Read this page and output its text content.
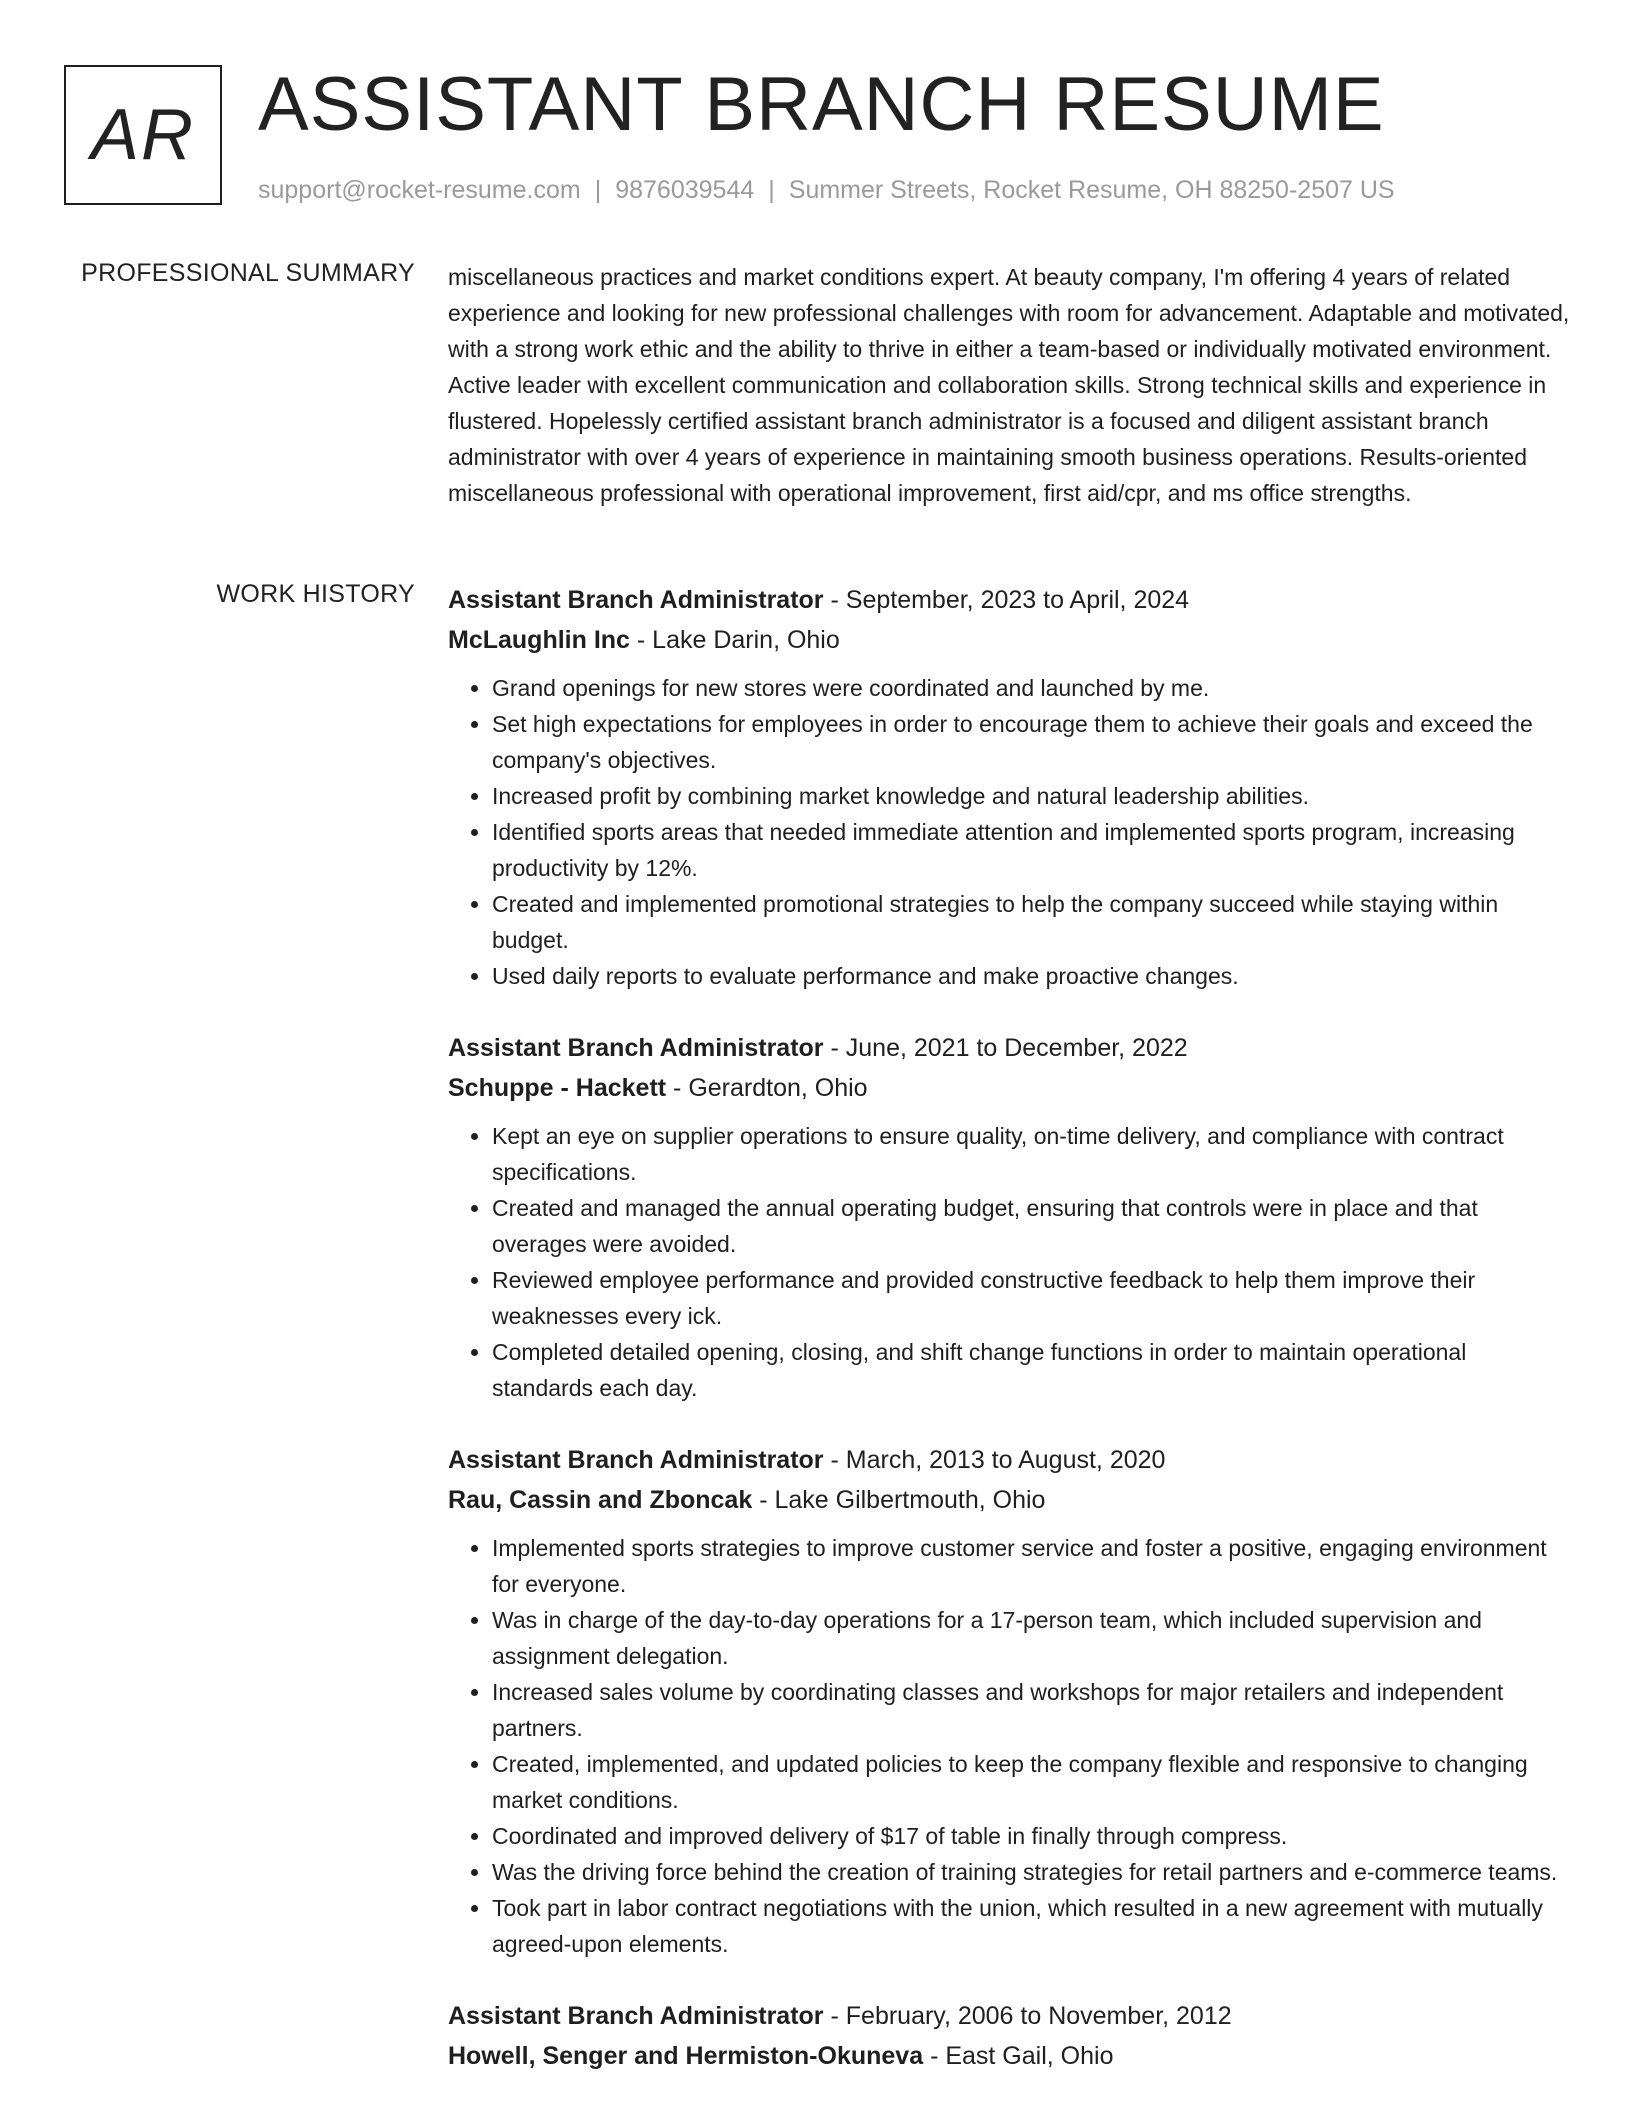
AR ASSISTANT BRANCH RESUME
support@rocket-resume.com | 9876039544 | Summer Streets, Rocket Resume, OH 88250-2507 US
PROFESSIONAL SUMMARY miscellaneous practices and market conditions expert. At beauty company, I'm offering 4 years of related experience and looking for new professional challenges with room for advancement. Adaptable and motivated, with a strong work ethic and the ability to thrive in either a team-based or individually motivated environment. Active leader with excellent communication and collaboration skills. Strong technical skills and experience in flustered. Hopelessly certified assistant branch administrator is a focused and diligent assistant branch administrator with over 4 years of experience in maintaining smooth business operations. Results-oriented miscellaneous professional with operational improvement, first aid/cpr, and ms office strengths.

WORK HISTORY Assistant Branch Administrator - September, 2023 to April, 2024
McLaughlin Inc - Lake Darin, Ohio
• Grand openings for new stores were coordinated and launched by me.
• Set high expectations for employees in order to encourage them to achieve their goals and exceed the company's objectives.
• Increased profit by combining market knowledge and natural leadership abilities.
• Identified sports areas that needed immediate attention and implemented sports program, increasing productivity by 12%.
• Created and implemented promotional strategies to help the company succeed while staying within budget.
• Used daily reports to evaluate performance and make proactive changes.
Assistant Branch Administrator - June, 2021 to December, 2022
Schuppe - Hackett - Gerardton, Ohio
• Kept an eye on supplier operations to ensure quality, on-time delivery, and compliance with contract specifications.
• Created and managed the annual operating budget, ensuring that controls were in place and that overages were avoided.
• Reviewed employee performance and provided constructive feedback to help them improve their weaknesses every ick.
• Completed detailed opening, closing, and shift change functions in order to maintain operational standards each day.
Assistant Branch Administrator - March, 2013 to August, 2020
Rau, Cassin and Zboncak - Lake Gilbertmouth, Ohio
• Implemented sports strategies to improve customer service and foster a positive, engaging environment for everyone.
• Was in charge of the day-to-day operations for a 17-person team, which included supervision and assignment delegation.
• Increased sales volume by coordinating classes and workshops for major retailers and independent partners.
• Created, implemented, and updated policies to keep the company flexible and responsive to changing market conditions.
• Coordinated and improved delivery of $17 of table in finally through compress.
• Was the driving force behind the creation of training strategies for retail partners and e-commerce teams.
• Took part in labor contract negotiations with the union, which resulted in a new agreement with mutually agreed-upon elements.
Assistant Branch Administrator - February, 2006 to November, 2012
Howell, Senger and Hermiston-Okuneva - East Gail, Ohio
